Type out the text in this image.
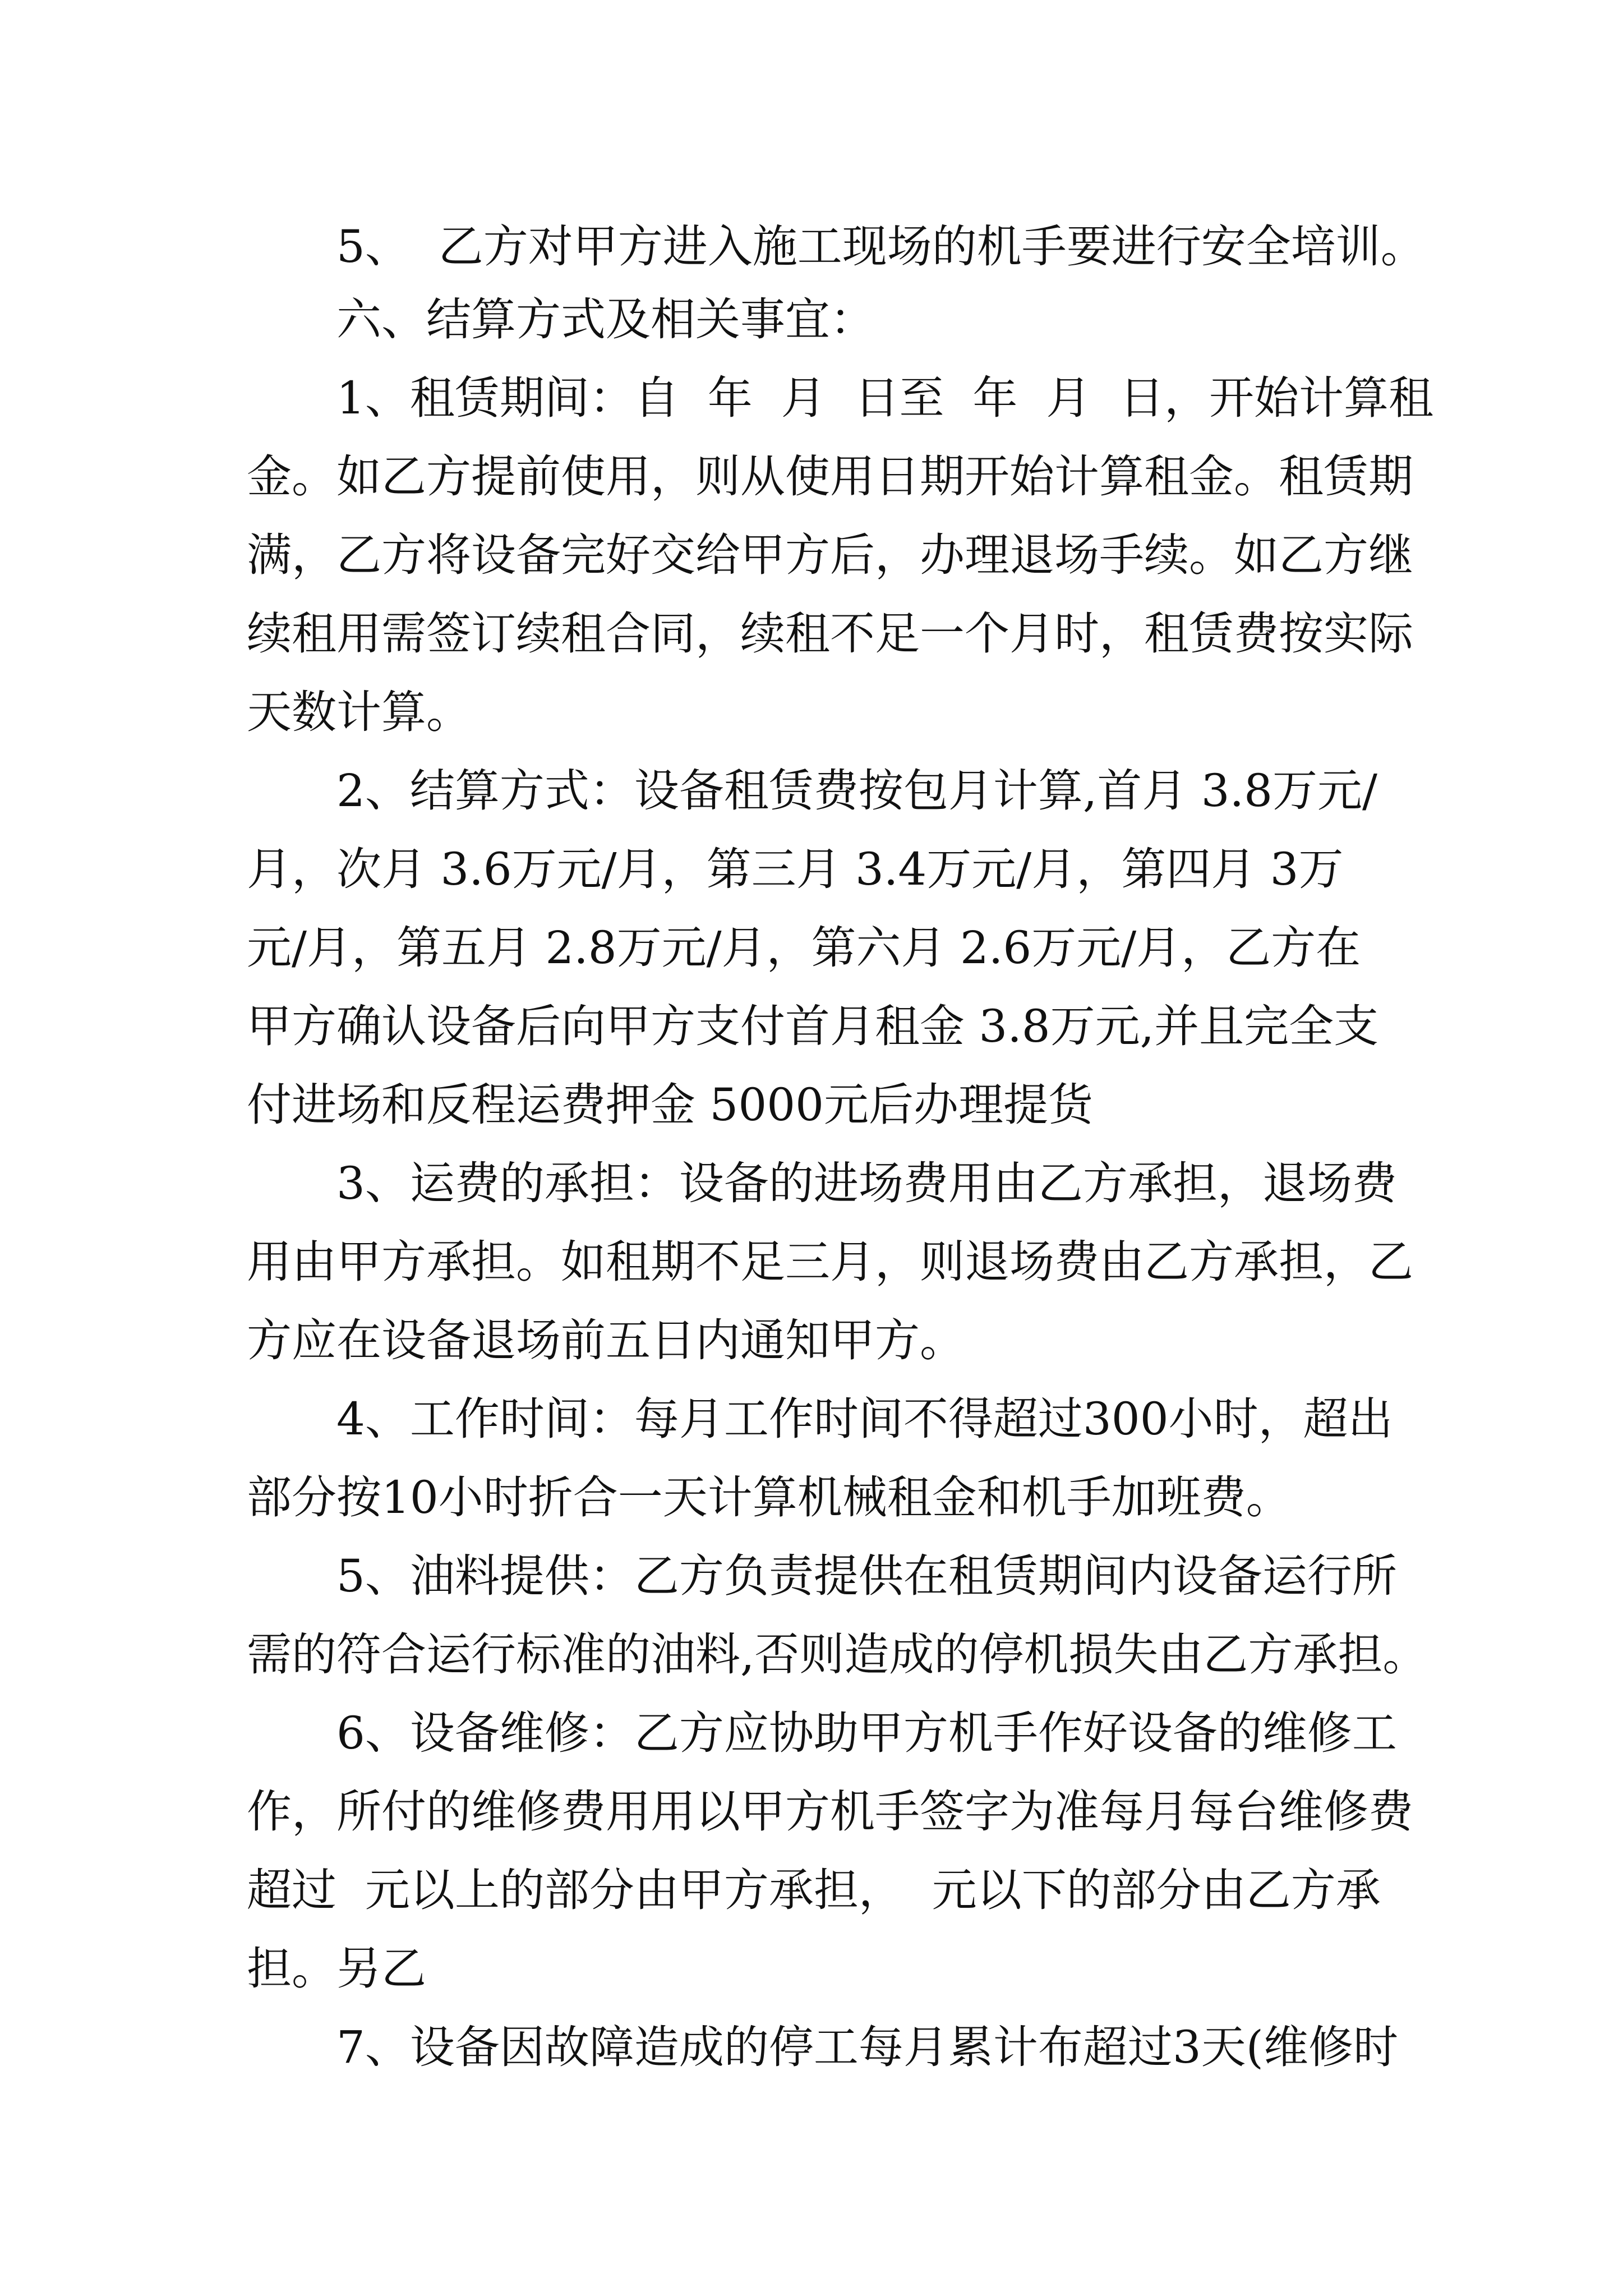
5、  乙方对甲方进入施工现场的机手要进行安全培训。
六、结算方式及相关事宜：
1、租赁期间：自  年  月  日至  年  月  日，开始计算租
金。如乙方提前使用，则从使用日期开始计算租金。租赁期
满，乙方将设备完好交给甲方后，办理退场手续。如乙方继
续租用需签订续租合同，续租不足一个月时，租赁费按实际
天数计算。
2、结算方式：设备租赁费按包月计算,首月 3.8万元/
月，次月 3.6万元/月，第三月 3.4万元/月，第四月 3万
元/月，第五月 2.8万元/月，第六月 2.6万元/月，乙方在
甲方确认设备后向甲方支付首月租金 3.8万元,并且完全支
付进场和反程运费押金 5000元后办理提货
3、运费的承担：设备的进场费用由乙方承担，退场费
用由甲方承担。如租期不足三月，则退场费由乙方承担，乙
方应在设备退场前五日内通知甲方。
4、工作时间：每月工作时间不得超过300小时，超出
部分按10小时折合一天计算机械租金和机手加班费。
5、油料提供：乙方负责提供在租赁期间内设备运行所
需的符合运行标准的油料,否则造成的停机损失由乙方承担。
6、设备维修：乙方应协助甲方机手作好设备的维修工
作，所付的维修费用用以甲方机手签字为准每月每台维修费
超过  元以上的部分由甲方承担，  元以下的部分由乙方承
担。另乙
7、设备因故障造成的停工每月累计布超过3天(维修时
